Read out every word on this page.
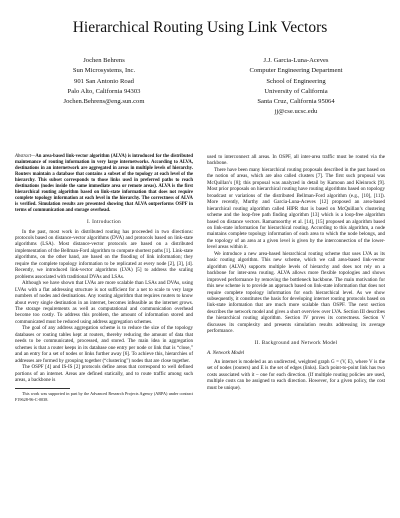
Hierarchical Routing Using Link Vectors
Jochen Behrens
Sun Microsystems, Inc.
901 San Antonio Road
Palo Alto, California 94303
Jochen.Behrens@eng.sun.com
J.J. Garcia-Luna-Aceves
Computer Engineering Department
School of Engineering
University of California
Santa Cruz, California 95064
jj@cse.ucsc.edu

Abstract—An area-based link-vector algorithm (ALVA) is introduced for the distributed maintenance of routing information in very large internetworks. According to ALVA, destinations in an internetwork are aggregated in areas in multiple levels of hierarchy. Routers maintain a database that contains a subset of the topology at each level of the hierarchy. This subset corresponds to those links used in preferred paths to reach destinations (nodes inside the same immediate area or remote areas). ALVA is the first hierarchical routing algorithm based on link-state information that does not require complete topology information at each level in the hierarchy. The correctness of ALVA is verified. Simulation results are presented showing that ALVA outperforms OSPF in terms of communication and storage overhead.

I. Introduction

In the past, most work in distributed routing has proceeded in two directions: protocols based on distance-vector algorithms (DVA) and protocols based on link-state algorithms (LSA). Most distance-vector protocols are based on a distributed implementation of the Bellman-Ford algorithm to compute shortest paths [1]. Link-state algorithms, on the other hand, are based on the flooding of link information; they require the complete topology information to be replicated at every node [2], [3], [4]. Recently, we introduced link-vector algorithms (LVA) [5] to address the scaling problems associated with traditional DVAs and LSAs.

Although we have shown that LVAs are more scalable than LSAs and DVAs, using LVAs with a flat addressing structure is not sufficient for a net to scale to very large numbers of nodes and destinations. Any routing algorithm that requires routers to know about every single destination in an internet, becomes infeasible as the internet grows. The storage requirements as well as computational and communication overhead become too costly. To address this problem, the amount of information stored and communicated must be reduced using address aggregation schemes.

The goal of any address aggregation scheme is to reduce the size of the topology databases or routing tables kept at routers, thereby reducing the amount of data that needs to be communicated, processed, and stored. The main idea in aggregation schemes is that a router keeps in its database one entry per node or link that is “close,” and an entry for a set of nodes or links further away [6]. To achieve this, hierarchies of addresses are formed by grouping together (“clustering”) nodes that are close together.

The OSPF [4] and IS-IS [2] protocols define areas that correspond to well defined portions of an internet. Areas are defined statically, and to route traffic among such areas, a backbone is

This work was supported in part by the Advanced Research Projects Agency (ARPA) under contract F19628-96-C-0038.

used to interconnect all areas. In OSPF, all inter-area traffic must be routed via the backbone.

There have been many hierarchical routing proposals described in the past based on the notion of areas, which are also called clusters [7]. The first such proposal was McQuillan’s [8]; this proposal was analyzed in detail by Kamoun and Kleinrock [9]. Most prior proposals on hierarchical routing have routing algorithms based on topology broadcast or variations of the distributed Bellman-Ford algorithm (e.g., [10], [11]). More recently, Murthy and Garcia-Luna-Aceves [12] proposed an area-based hierarchical routing algorithm called HIPR that is based on McQuillan’s clustering scheme and the loop-free path finding algorithm [13] which is a loop-free algorithm based on distance vectors. Ramamoorthy et al. [14], [15] proposed an algorithm based on link-state information for hierarchical routing. According to this algorithm, a node maintains complete topology information of each area to which the node belongs, and the topology of an area at a given level is given by the interconnection of the lower-level areas within it.

We introduce a new area-based hierarchical routing scheme that uses LVA as its basic routing algorithm. This new scheme, which we call area-based link-vector algorithm (ALVA) supports multiple levels of hierarchy and does not rely on a backbone for inter-area routing. ALVA allows more flexible topologies and shows improved performance by removing the bottleneck backbone. The main motivation for this new scheme is to provide an approach based on link-state information that does not require complete topology information for each hierarchical level. As we show subsequently, it constitutes the basis for developing internet routing protocols based on link-state information that are much more scalable than OSPF. The next section describes the network model and gives a short overview over LVA. Section III describes the hierarchical routing algorithm. Section IV proves its correctness. Section V discusses its complexity and presents simulation results addressing its average performance.

II. Background and Network Model
A. Network Model

An internet is modeled as an undirected, weighted graph G = (V, E), where V is the set of nodes (routers) and E is the set of edges (links). Each point-to-point link has two costs associated with it – one for each direction. (If multiple routing policies are used, multiple costs can be assigned to each direction. However, for a given policy, the cost must be unique).
